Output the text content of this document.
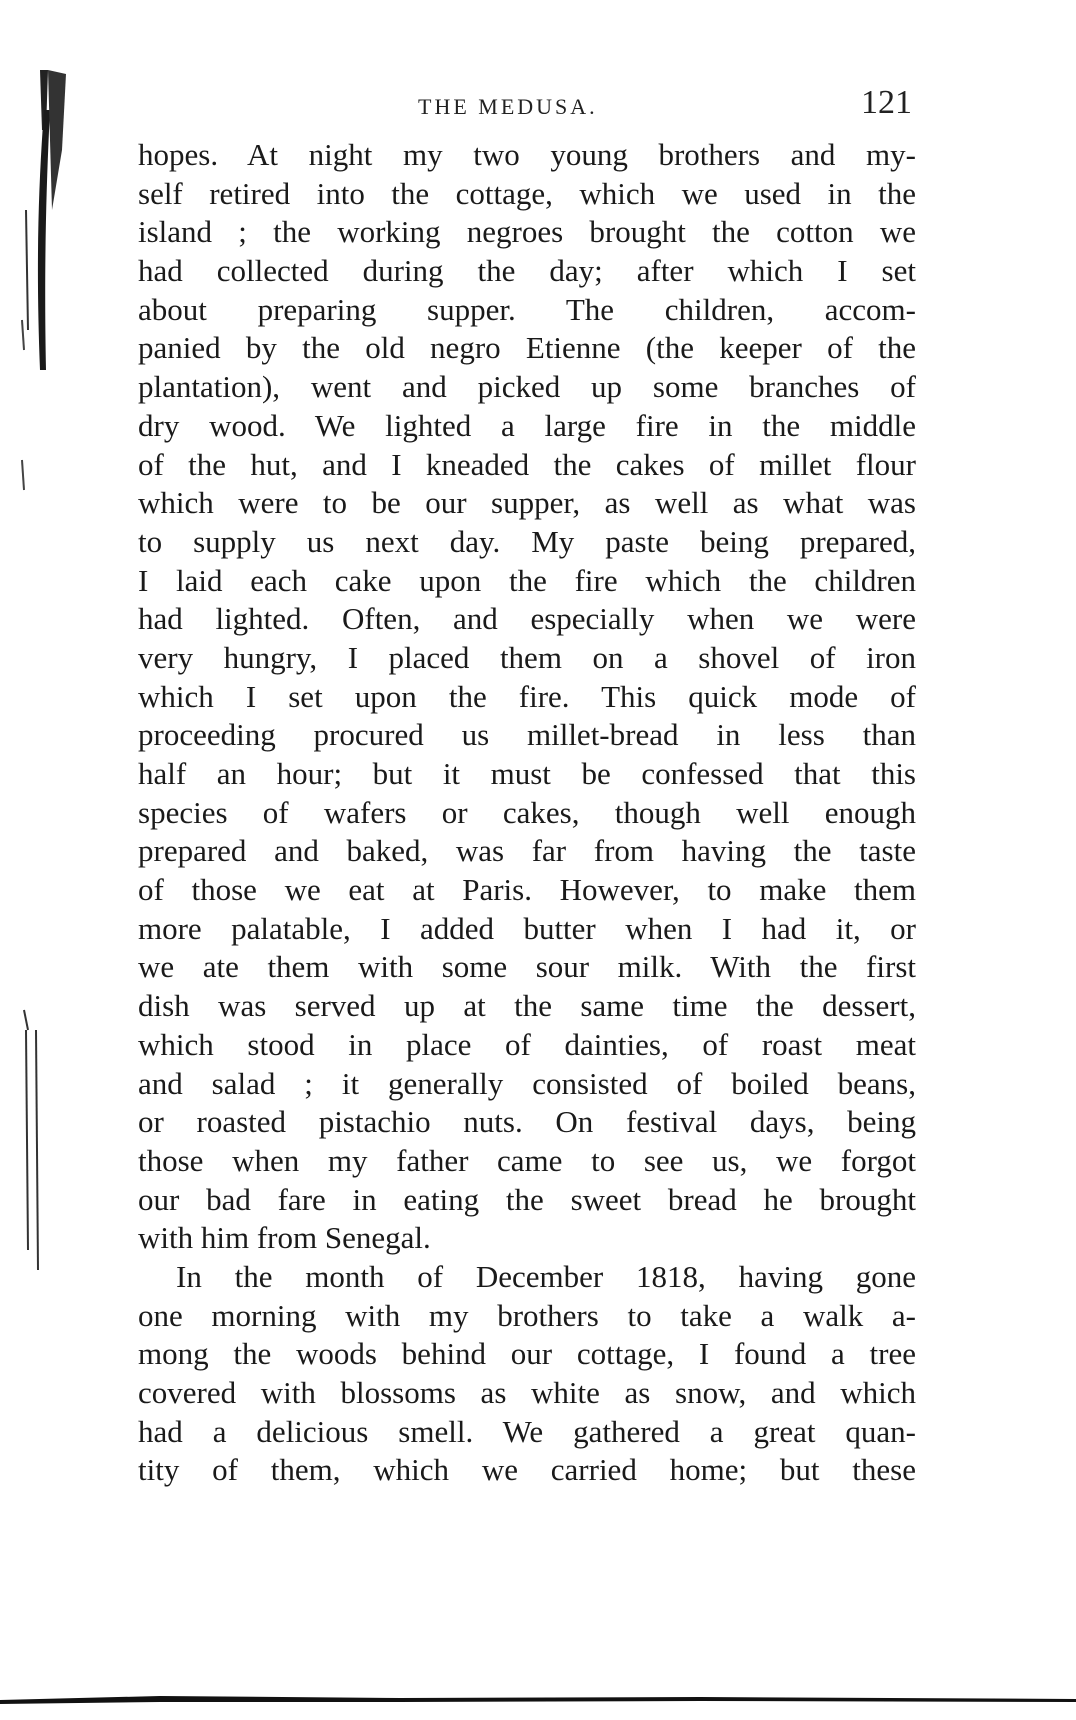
THE MEDUSA.	121
hopes. At night my two young brothers and my-
self retired into the cottage, which we used in the
island ; the working negroes brought the cotton we
had collected during the day; after which I set
about preparing supper. The children, accom-
panied by the old negro Etienne (the keeper of the
plantation), went and picked up some branches of
dry wood. We lighted a large fire in the middle
of the hut, and I kneaded the cakes of millet flour
which were to be our supper, as well as what was
to supply us next day. My paste being prepared,
I laid each cake upon the fire which the children
had lighted. Often, and especially when we were
very hungry, I placed them on a shovel of iron
which I set upon the fire. This quick mode of
proceeding procured us millet-bread in less than
half an hour; but it must be confessed that this
species of wafers or cakes, though well enough
prepared and baked, was far from having the taste
of those we eat at Paris. However, to make them
more palatable, I added butter when I had it, or
we ate them with some sour milk. With the first
dish was served up at the same time the dessert,
which stood in place of dainties, of roast meat
and salad ; it generally consisted of boiled beans,
or roasted pistachio nuts. On festival days, being
those when my father came to see us, we forgot
our bad fare in eating the sweet bread he brought
with him from Senegal.
In the month of December 1818, having gone
one morning with my brothers to take a walk a-
mong the woods behind our cottage, I found a tree
covered with blossoms as white as snow, and which
had a delicious smell. We gathered a great quan-
tity of them, which we carried home; but these
